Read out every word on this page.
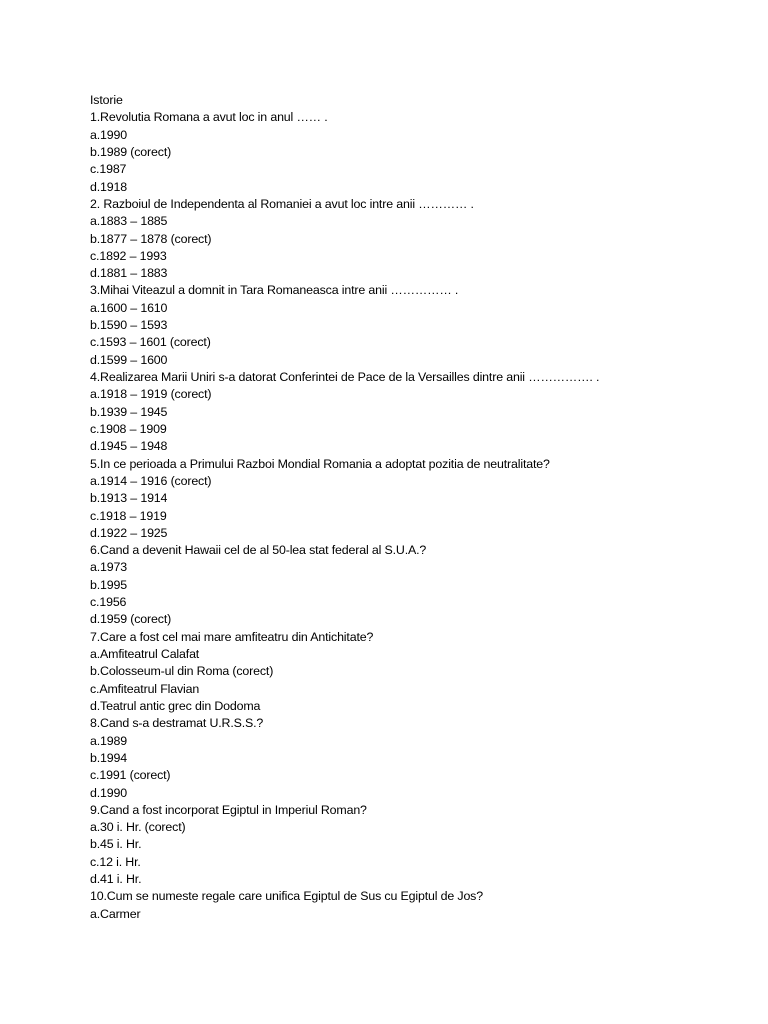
Istorie
1.Revolutia Romana a avut loc in anul …… .
a.1990
b.1989 (corect)
c.1987
d.1918
2. Razboiul de Independenta al Romaniei a avut loc intre anii ………… .
a.1883 – 1885
b.1877 – 1878 (corect)
c.1892 – 1993
d.1881 – 1883
3.Mihai Viteazul a domnit in Tara Romaneasca intre anii …………… .
a.1600 – 1610
b.1590 – 1593
c.1593 – 1601 (corect)
d.1599 – 1600
4.Realizarea Marii Uniri s-a datorat Conferintei de Pace de la Versailles dintre anii ……………. .
a.1918 – 1919 (corect)
b.1939 – 1945
c.1908 – 1909
d.1945 – 1948
5.In ce perioada a Primului Razboi Mondial Romania a adoptat pozitia de neutralitate?
a.1914 – 1916 (corect)
b.1913 – 1914
c.1918 – 1919
d.1922 – 1925
6.Cand a devenit Hawaii cel de al 50-lea stat federal al S.U.A.?
a.1973
b.1995
c.1956
d.1959 (corect)
7.Care a fost cel mai mare amfiteatru din Antichitate?
a.Amfiteatrul Calafat
b.Colosseum-ul din Roma (corect)
c.Amfiteatrul Flavian
d.Teatrul antic grec din Dodoma
8.Cand s-a destramat U.R.S.S.?
a.1989
b.1994
c.1991 (corect)
d.1990
9.Cand a fost incorporat Egiptul in Imperiul Roman?
a.30 i. Hr. (corect)
b.45 i. Hr.
c.12 i. Hr.
d.41 i. Hr.
10.Cum se numeste regale care unifica Egiptul de Sus cu Egiptul de Jos?
a.Carmer
